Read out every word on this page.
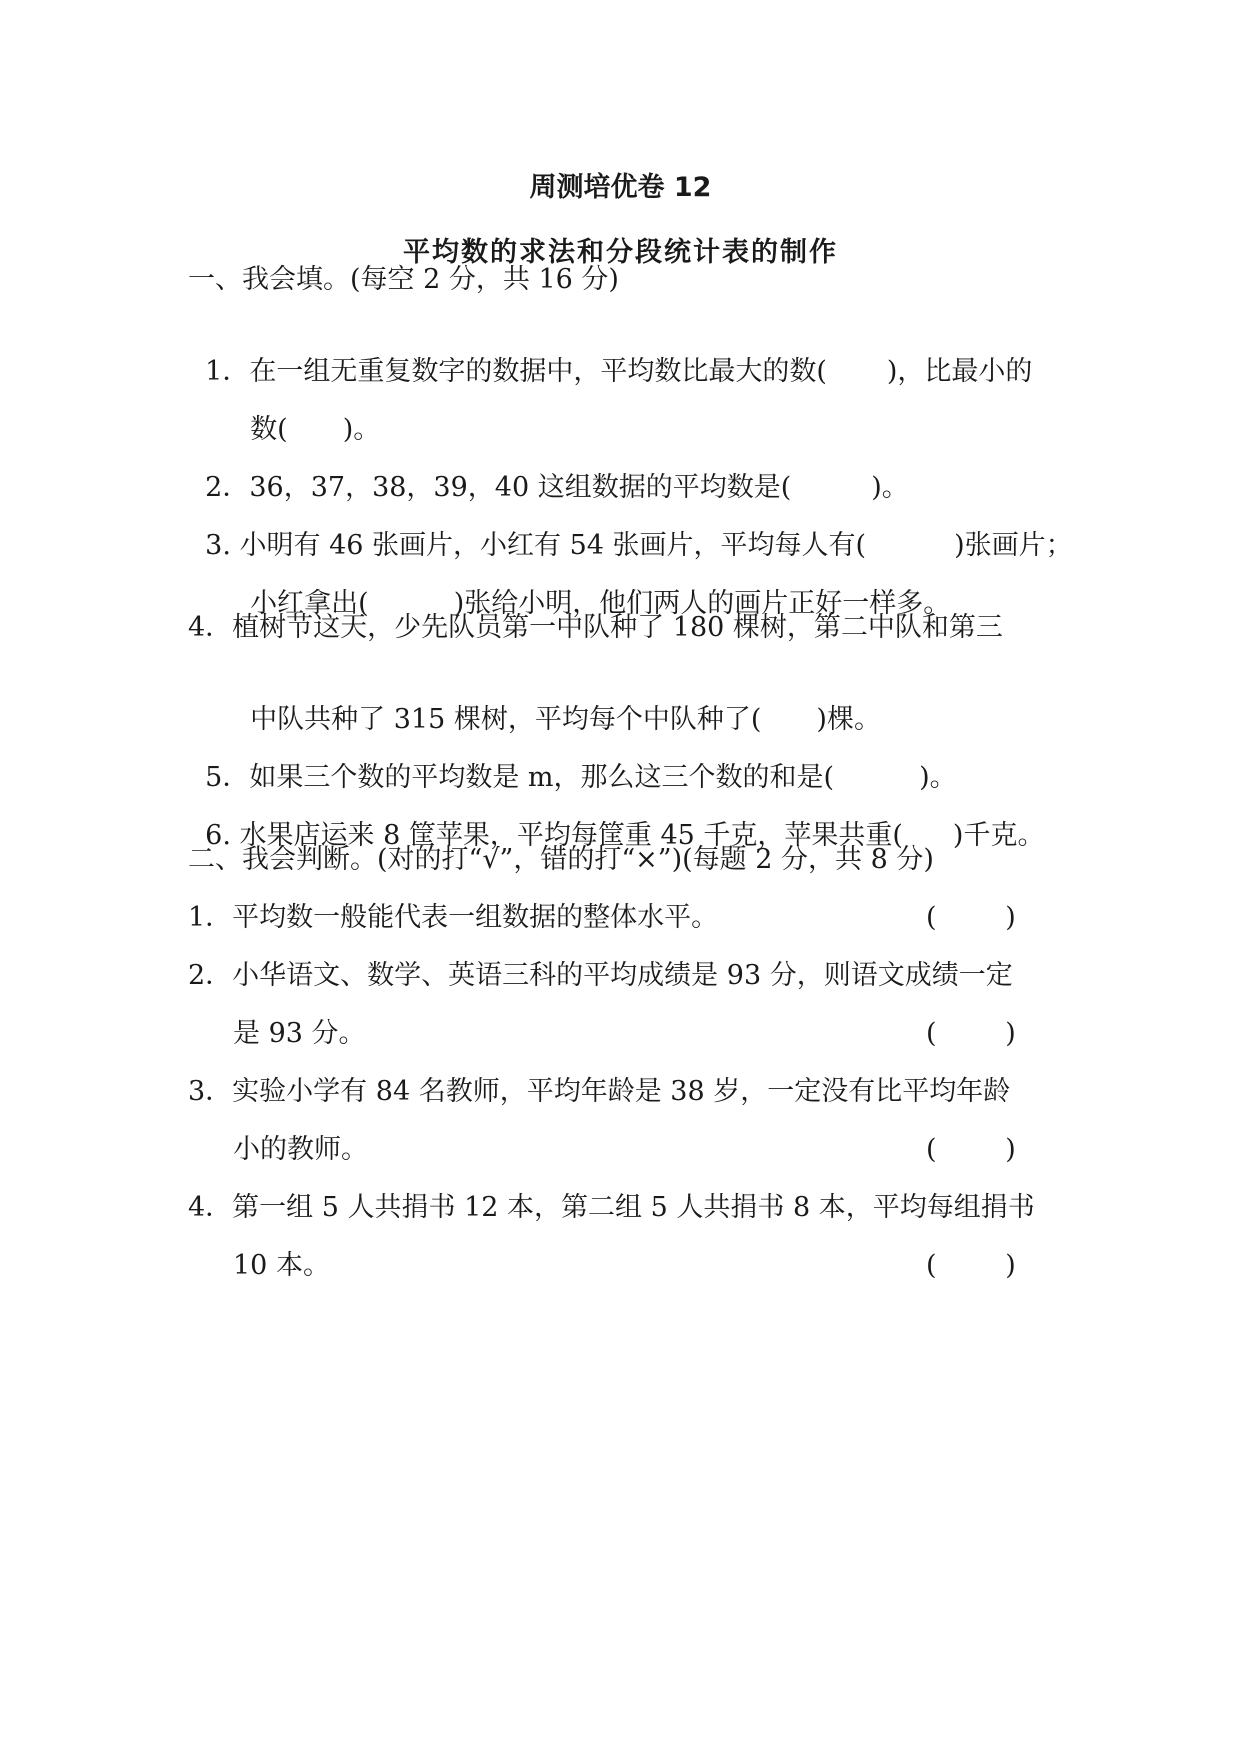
周测培优卷 12
平均数的求法和分段统计表的制作
一、我会填。(每空 2 分，共 16 分)

1．在一组无重复数字的数据中，平均数比最大的数( )，比最小的

数( )。

2．36，37，38，39，40 这组数据的平均数是(	)。

3. 小明有 46 张画片，小红有 54 张画片，平均每人有(	)张画片；

小红拿出(	)张给小明，他们两人的画片正好一样多。

4．植树节这天，少先队员第一中队种了 180 棵树，第二中队和第三

中队共种了 315 棵树，平均每个中队种了( )棵。

5．如果三个数的平均数是 m，那么这三个数的和是(	)。

6. 水果店运来 8 筐苹果，平均每筐重 45 千克，苹果共重( )千克。

二、我会判断。(对的打“√”，错的打“×”)(每题 2 分，共 8 分)
1．平均数一般能代表一组数据的整体水平。	(        )
2．小华语文、数学、英语三科的平均成绩是 93 分，则语文成绩一定
是 93 分。	(        )
3．实验小学有 84 名教师，平均年龄是 38 岁，一定没有比平均年龄
小的教师。	(        )
4．第一组 5 人共捐书 12 本，第二组 5 人共捐书 8 本，平均每组捐书
10 本。	(        )
